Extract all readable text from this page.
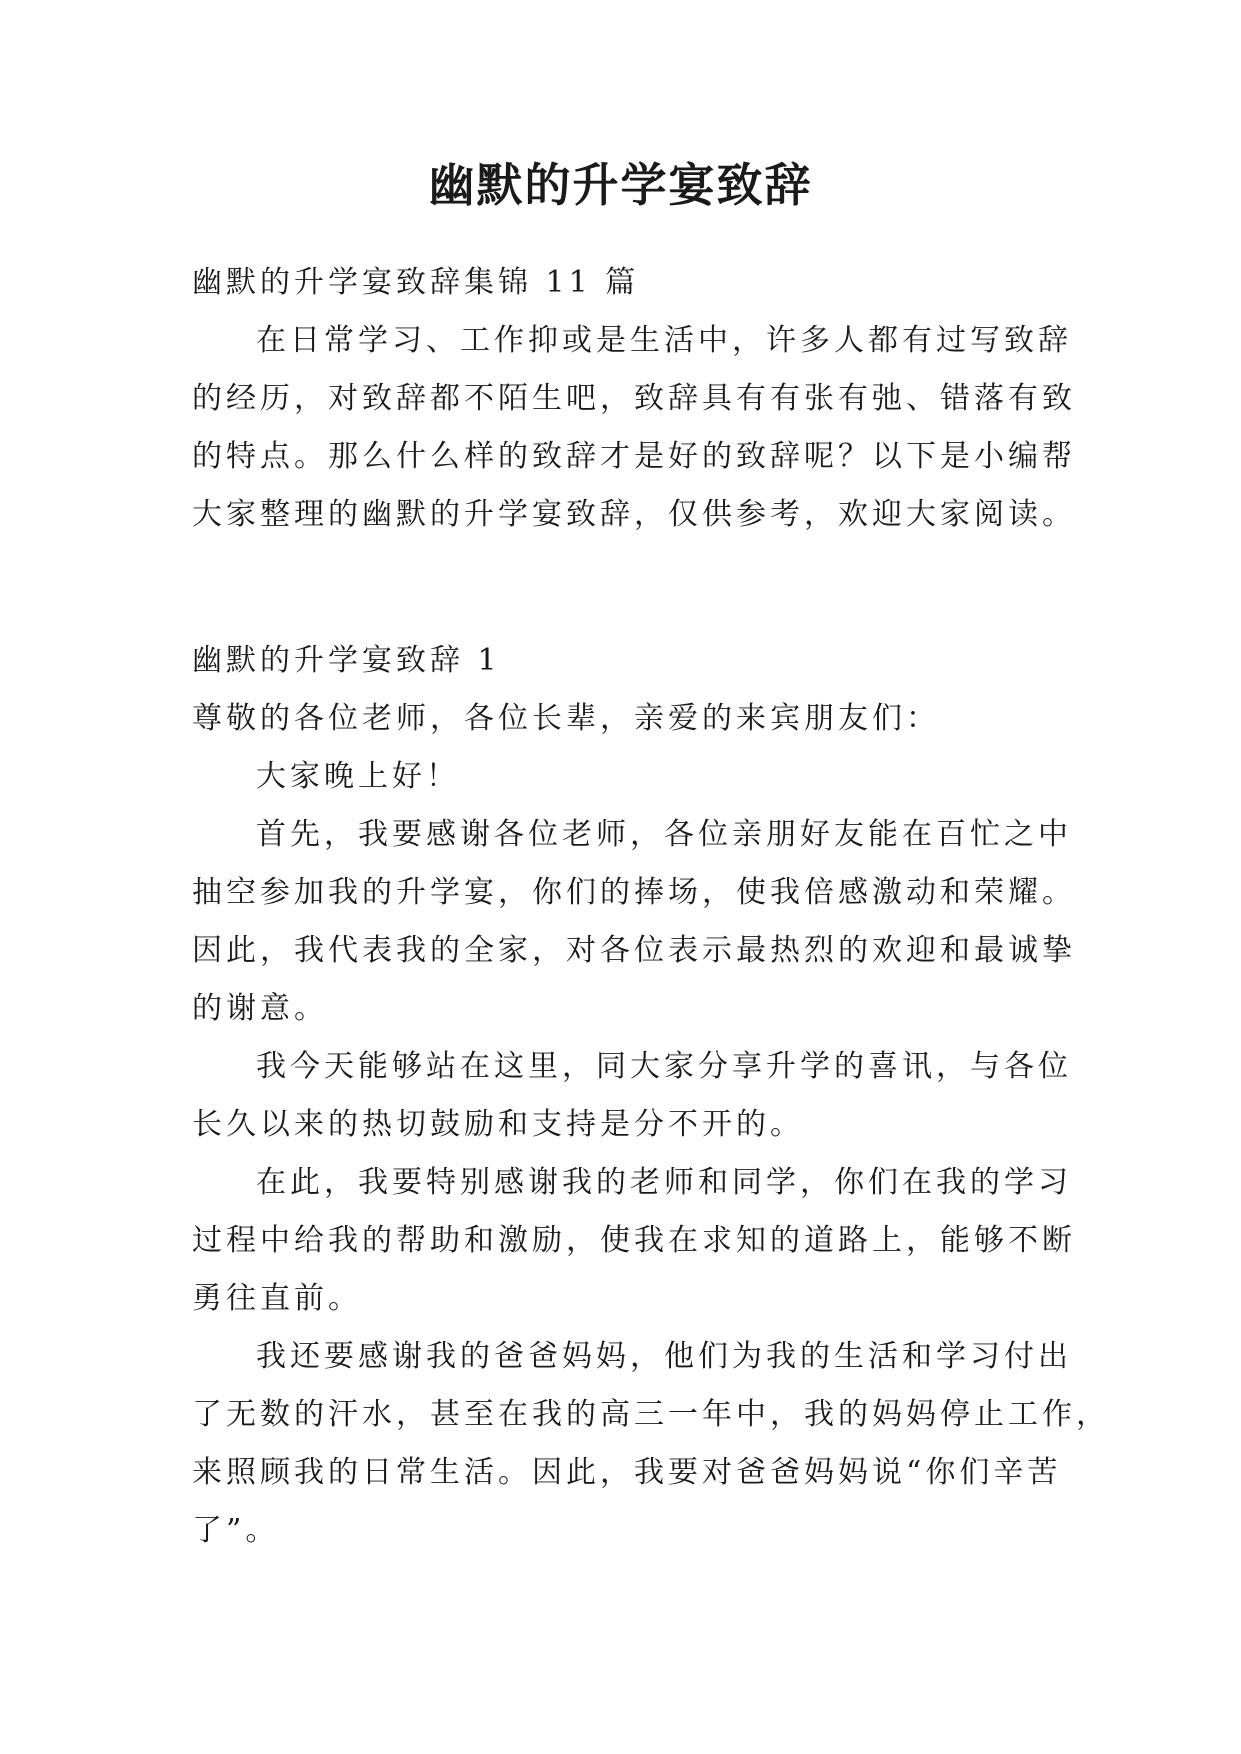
幽默的升学宴致辞
幽默的升学宴致辞集锦 11 篇
在日常学习、工作抑或是生活中，许多人都有过写致辞
的经历，对致辞都不陌生吧，致辞具有有张有弛、错落有致
的特点。那么什么样的致辞才是好的致辞呢？以下是小编帮
大家整理的幽默的升学宴致辞，仅供参考，欢迎大家阅读。
幽默的升学宴致辞 1
尊敬的各位老师，各位长辈，亲爱的来宾朋友们：
大家晚上好！
首先，我要感谢各位老师，各位亲朋好友能在百忙之中
抽空参加我的升学宴，你们的捧场，使我倍感激动和荣耀。
因此，我代表我的全家，对各位表示最热烈的欢迎和最诚挚
的谢意。
我今天能够站在这里，同大家分享升学的喜讯，与各位
长久以来的热切鼓励和支持是分不开的。
在此，我要特别感谢我的老师和同学，你们在我的学习
过程中给我的帮助和激励，使我在求知的道路上，能够不断
勇往直前。
我还要感谢我的爸爸妈妈，他们为我的生活和学习付出
了无数的汗水，甚至在我的高三一年中，我的妈妈停止工作，
来照顾我的日常生活。因此，我要对爸爸妈妈说“你们辛苦
了”。
